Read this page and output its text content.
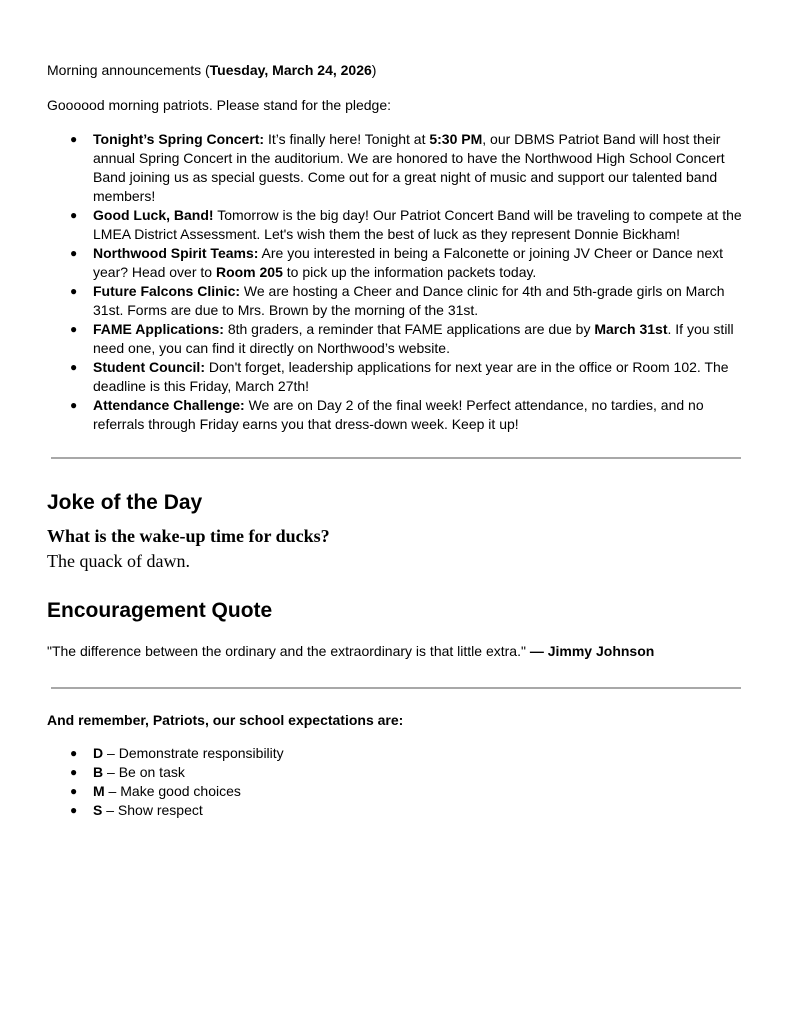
Morning announcements (Tuesday, March 24, 2026)

Goooood morning patriots. Please stand for the pledge:

● Tonight’s Spring Concert: It’s finally here! Tonight at 5:30 PM, our DBMS Patriot Band will host their annual Spring Concert in the auditorium. We are honored to have the Northwood High School Concert Band joining us as special guests. Come out for a great night of music and support our talented band members!
● Good Luck, Band! Tomorrow is the big day! Our Patriot Concert Band will be traveling to compete at the LMEA District Assessment. Let's wish them the best of luck as they represent Donnie Bickham!
● Northwood Spirit Teams: Are you interested in being a Falconette or joining JV Cheer or Dance next year? Head over to Room 205 to pick up the information packets today.
● Future Falcons Clinic: We are hosting a Cheer and Dance clinic for 4th and 5th-grade girls on March 31st. Forms are due to Mrs. Brown by the morning of the 31st.
● FAME Applications: 8th graders, a reminder that FAME applications are due by March 31st. If you still need one, you can find it directly on Northwood’s website.
● Student Council: Don't forget, leadership applications for next year are in the office or Room 102. The deadline is this Friday, March 27th!
● Attendance Challenge: We are on Day 2 of the final week! Perfect attendance, no tardies, and no referrals through Friday earns you that dress-down week. Keep it up!
Joke of the Day
What is the wake-up time for ducks?
The quack of dawn.
Encouragement Quote

"The difference between the ordinary and the extraordinary is that little extra." — Jimmy Johnson

And remember, Patriots, our school expectations are:

● D – Demonstrate responsibility
● B – Be on task
● M – Make good choices
● S – Show respect
